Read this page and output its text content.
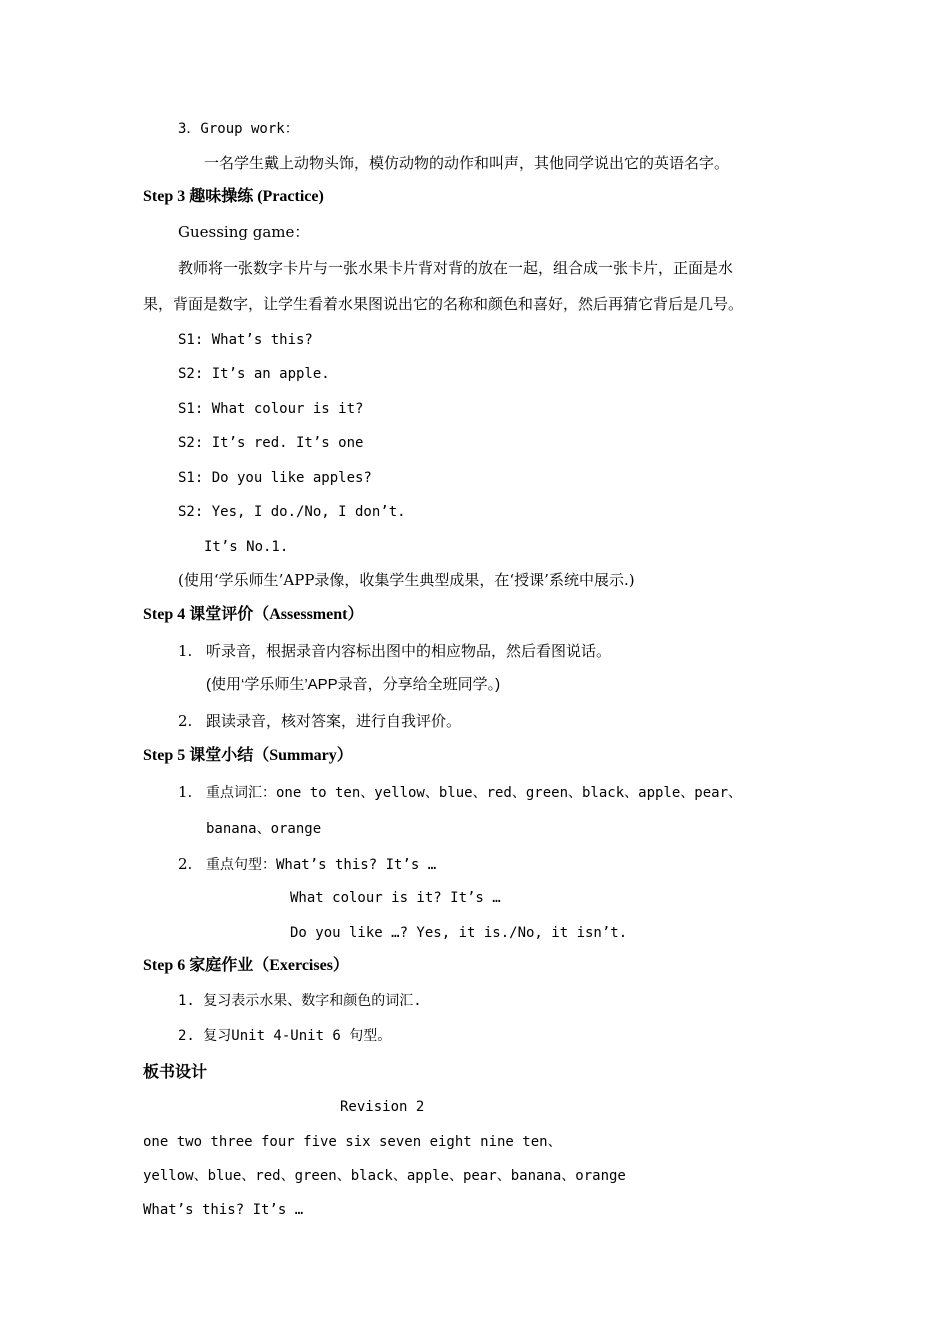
3．Group work：
一名学生戴上动物头饰，模仿动物的动作和叫声，其他同学说出它的英语名字。
Step 3 趣味操练 (Practice)
Guessing game：
教师将一张数字卡片与一张水果卡片背对背的放在一起，组合成一张卡片，正面是水
果，背面是数字，让学生看着水果图说出它的名称和颜色和喜好，然后再猜它背后是几号。
S1: What’s this?
S2: It’s an apple.
S1: What colour is it?
S2: It’s red. It’s one
S1: Do you like apples?
S2: Yes, I do./No, I don’t.
It’s No.1.
(使用‘学乐师生’APP录像，收集学生典型成果，在‘授课’系统中展示.)
Step 4 课堂评价（Assessment）
1. 听录音，根据录音内容标出图中的相应物品，然后看图说话。
(使用‘学乐师生’APP录音，分享给全班同学。)
2. 跟读录音，核对答案，进行自我评价。
Step 5 课堂小结（Summary）
1. 重点词汇：one to ten、yellow、blue、red、green、black、apple、pear、
banana、orange
2. 重点句型：What’s this? It’s …
What colour is it? It’s …
Do you like …? Yes, it is./No, it isn’t.
Step 6 家庭作业（Exercises）
1. 复习表示水果、数字和颜色的词汇.
2. 复习Unit 4-Unit 6 句型。
板书设计
Revision 2
one two three four five six seven eight nine ten、
yellow、blue、red、green、black、apple、pear、banana、orange
What’s this? It’s …
